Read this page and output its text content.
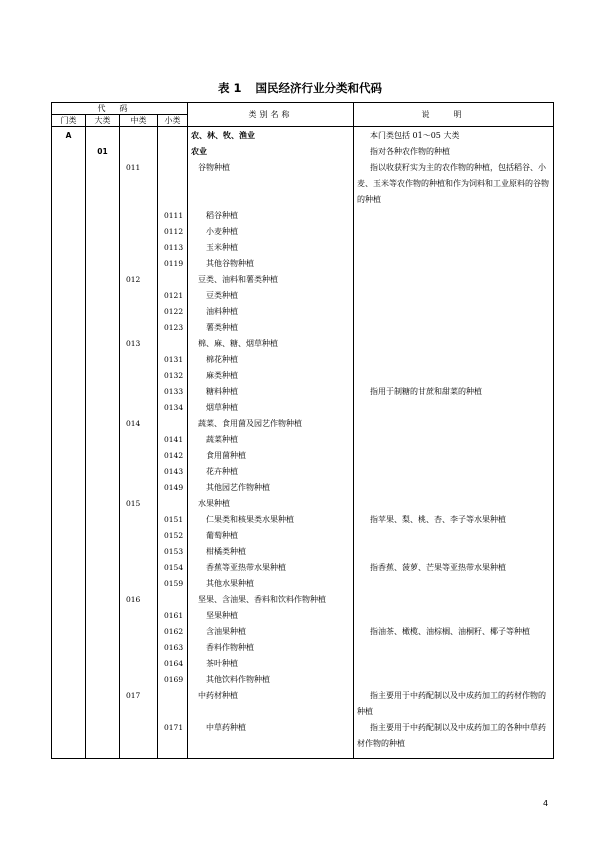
表 1 国民经济行业分类和代码
代码				类别名称	说明
门类	大类	中类	小类		
A				农、林、牧、渔业	本门类包括 01～05 大类
	01			农业	指对各种农作物的种植
		011		谷物种植	指以收获籽实为主的农作物的种植，包括稻谷、小麦、玉米等农作物的种植和作为饲料和工业原料的谷物的种植
			0111	稻谷种植	
			0112	小麦种植	
			0113	玉米种植	
			0119	其他谷物种植	
		012		豆类、油料和薯类种植	
			0121	豆类种植	
			0122	油料种植	
			0123	薯类种植	
		013		棉、麻、糖、烟草种植	
			0131	棉花种植	
			0132	麻类种植	
			0133	糖料种植	指用于制糖的甘蔗和甜菜的种植
			0134	烟草种植	
		014		蔬菜、食用菌及园艺作物种植	
			0141	蔬菜种植	
			0142	食用菌种植	
			0143	花卉种植	
			0149	其他园艺作物种植	
		015		水果种植	
			0151	仁果类和核果类水果种植	指苹果、梨、桃、杏、李子等水果种植
			0152	葡萄种植	
			0153	柑橘类种植	
			0154	香蕉等亚热带水果种植	指香蕉、菠萝、芒果等亚热带水果种植
			0159	其他水果种植	
		016		坚果、含油果、香料和饮料作物种植	
			0161	坚果种植	
			0162	含油果种植	指油茶、橄榄、油棕榈、油桐籽、椰子等种植
			0163	香料作物种植	
			0164	茶叶种植	
			0169	其他饮料作物种植	
		017		中药材种植	指主要用于中药配制以及中成药加工的药材作物的种植
			0171	中草药种植	指主要用于中药配制以及中成药加工的各种中草药材作物的种植
4
